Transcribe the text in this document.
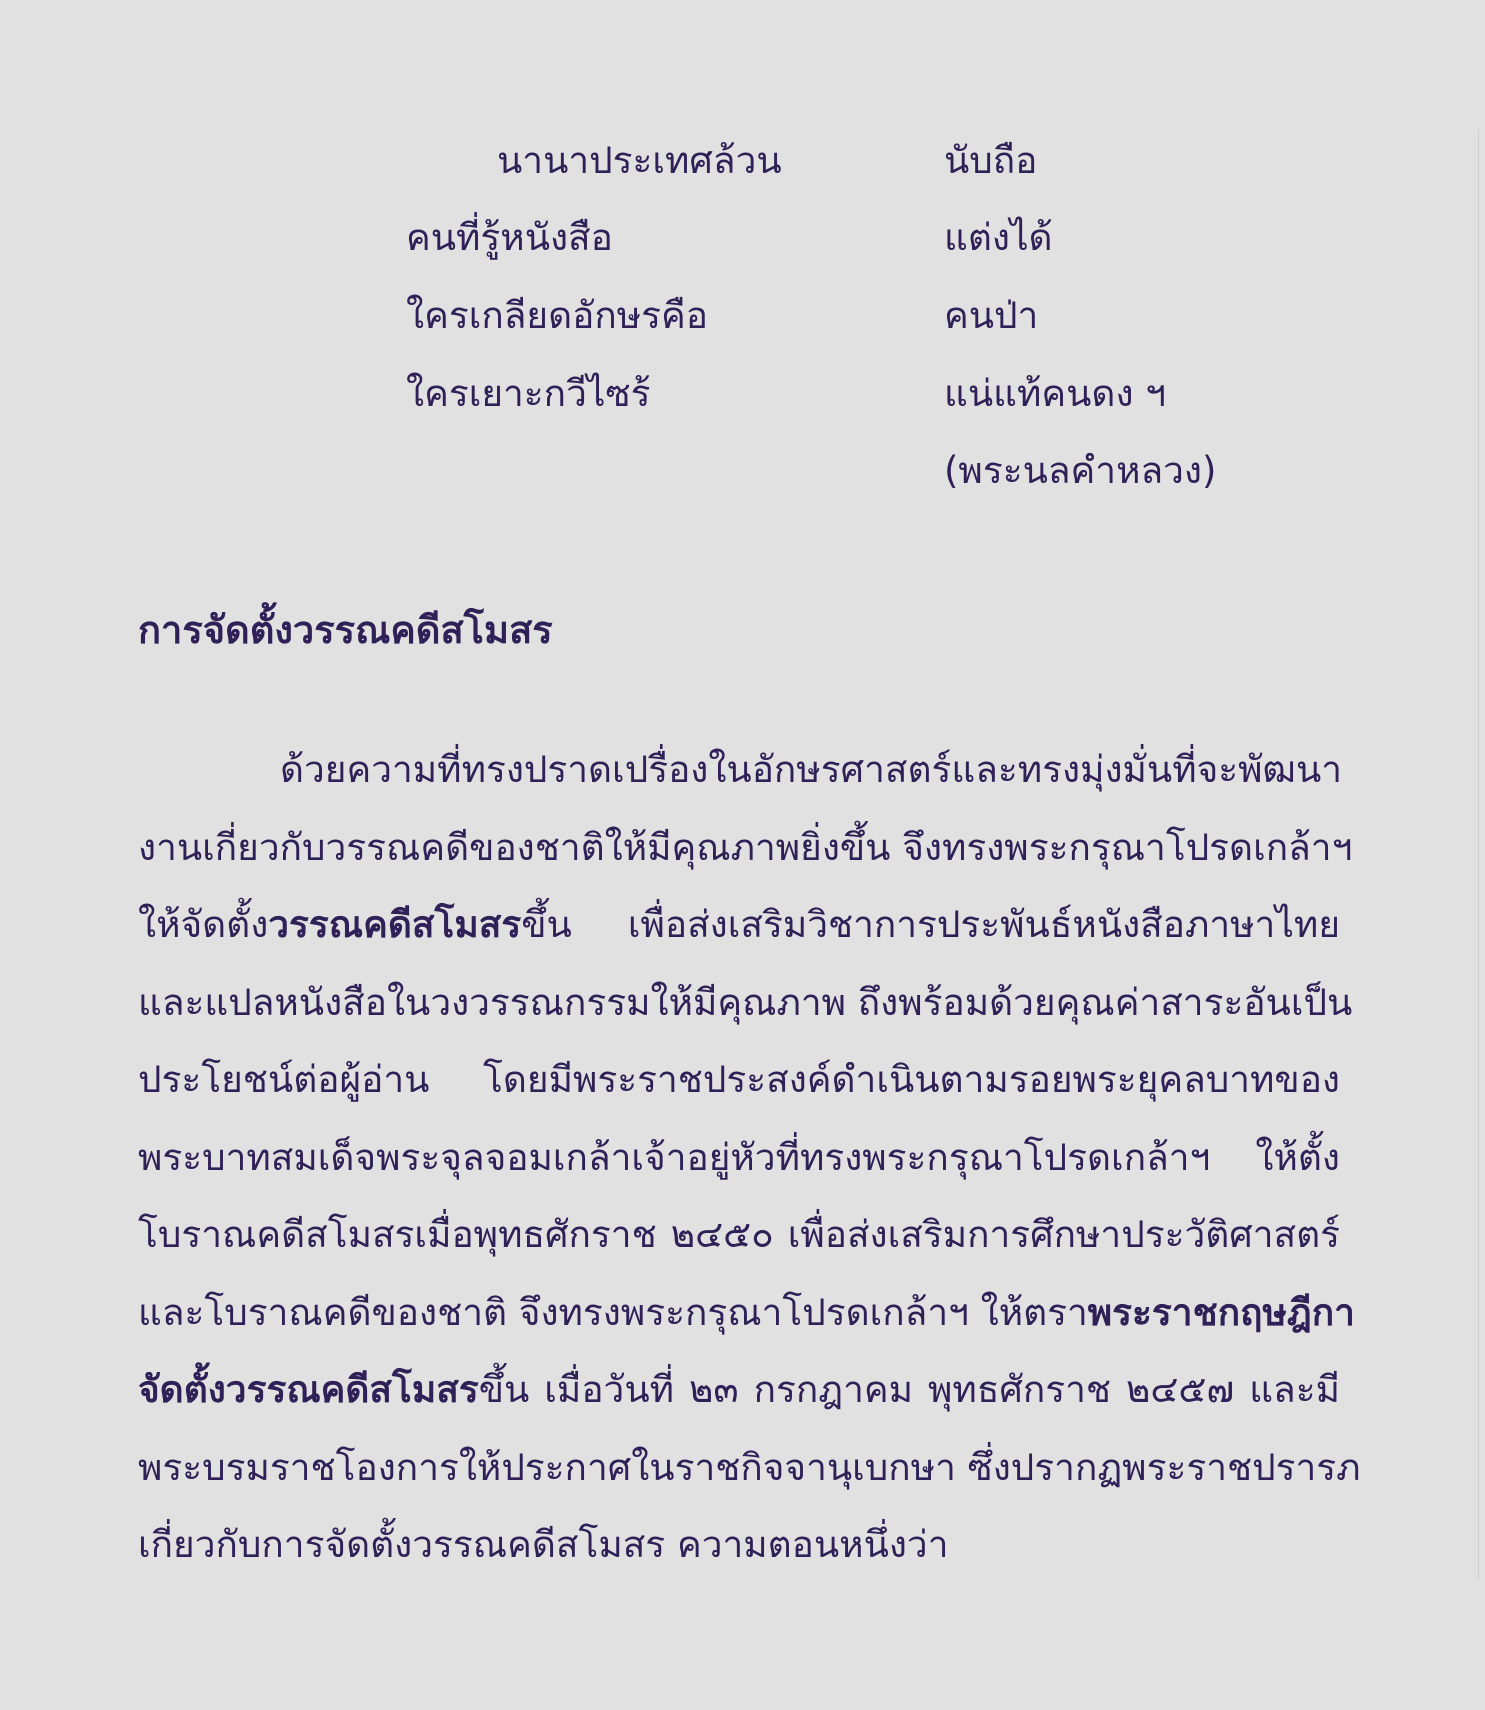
นานาประเทศล้วน	นับถือ
คนที่รู้หนังสือ	แต่งได้
ใครเกลียดอักษรคือ	คนป่า
ใครเยาะกวีไซร้	แน่แท้คนดง ฯ
(พระนลคำหลวง)
การจัดตั้งวรรณคดีสโมสร
ด้วยความที่ทรงปราดเปรื่องในอักษรศาสตร์และทรงมุ่งมั่นที่จะพัฒนา
งานเกี่ยวกับวรรณคดีของชาติให้มีคุณภาพยิ่งขึ้น จึงทรงพระกรุณาโปรดเกล้าฯ
ให้จัดตั้งวรรณคดีสโมสรขึ้น เพื่อส่งเสริมวิชาการประพันธ์หนังสือภาษาไทย
และแปลหนังสือในวงวรรณกรรมให้มีคุณภาพ ถึงพร้อมด้วยคุณค่าสาระอันเป็น
ประโยชน์ต่อผู้อ่าน โดยมีพระราชประสงค์ดำเนินตามรอยพระยุคลบาทของ
พระบาทสมเด็จพระจุลจอมเกล้าเจ้าอยู่หัวที่ทรงพระกรุณาโปรดเกล้าฯ ให้ตั้ง
โบราณคดีสโมสรเมื่อพุทธศักราช ๒๔๕๐ เพื่อส่งเสริมการศึกษาประวัติศาสตร์
และโบราณคดีของชาติ จึงทรงพระกรุณาโปรดเกล้าฯ ให้ตราพระราชกฤษฎีกา
จัดตั้งวรรณคดีสโมสรขึ้น เมื่อวันที่ ๒๓ กรกฎาคม พุทธศักราช ๒๔๕๗ และมี
พระบรมราชโองการให้ประกาศในราชกิจจานุเบกษา ซึ่งปรากฏพระราชปรารภ
เกี่ยวกับการจัดตั้งวรรณคดีสโมสร ความตอนหนึ่งว่า
